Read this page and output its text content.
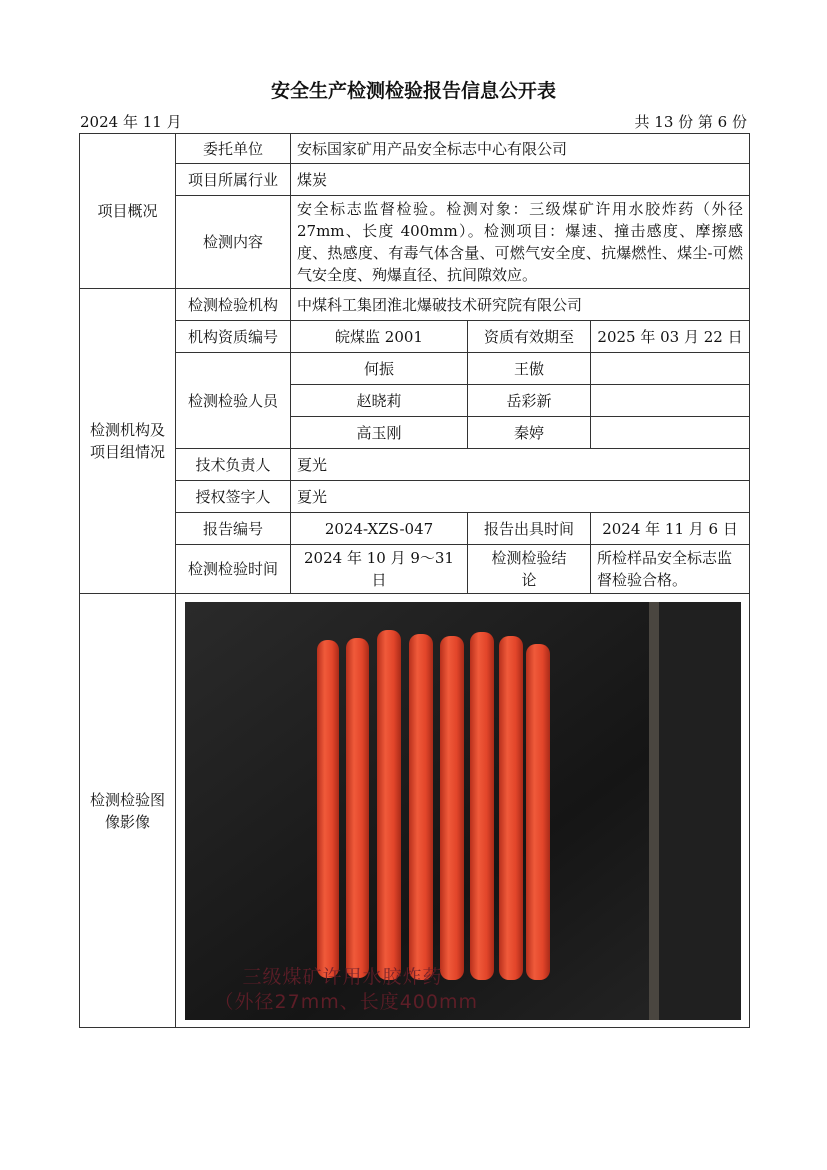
安全生产检测检验报告信息公开表
2024 年 11 月	共 13 份 第 6 份
项目概况	委托单位	安标国家矿用产品安全标志中心有限公司		
	项目所属行业	煤炭		
	检测内容	安全标志监督检验。检测对象：三级煤矿许用水胶炸药（外径 27mm、长度 400mm）。检测项目：爆速、撞击感度、摩擦感度、热感度、有毒气体含量、可燃气安全度、抗爆燃性、煤尘-可燃气安全度、殉爆直径、抗间隙效应。		
检测机构及项目组情况	检测检验机构	中煤科工集团淮北爆破技术研究院有限公司		
	机构资质编号	皖煤监 2001	资质有效期至	2025 年 03 月 22 日
	检测检验人员	何振	王傲	
		赵晓莉	岳彩新	
		高玉刚	秦婷	
	技术负责人	夏光		
	授权签字人	夏光		
	报告编号	2024-XZS-047	报告出具时间	2024 年 11 月 6 日
	检测检验时间	2024 年 10 月 9～31 日	检测检验结论	所检样品安全标志监督检验合格。
检测检验图像影像	三级煤矿许用水胶炸药
（外径27mm、长度400mm			
